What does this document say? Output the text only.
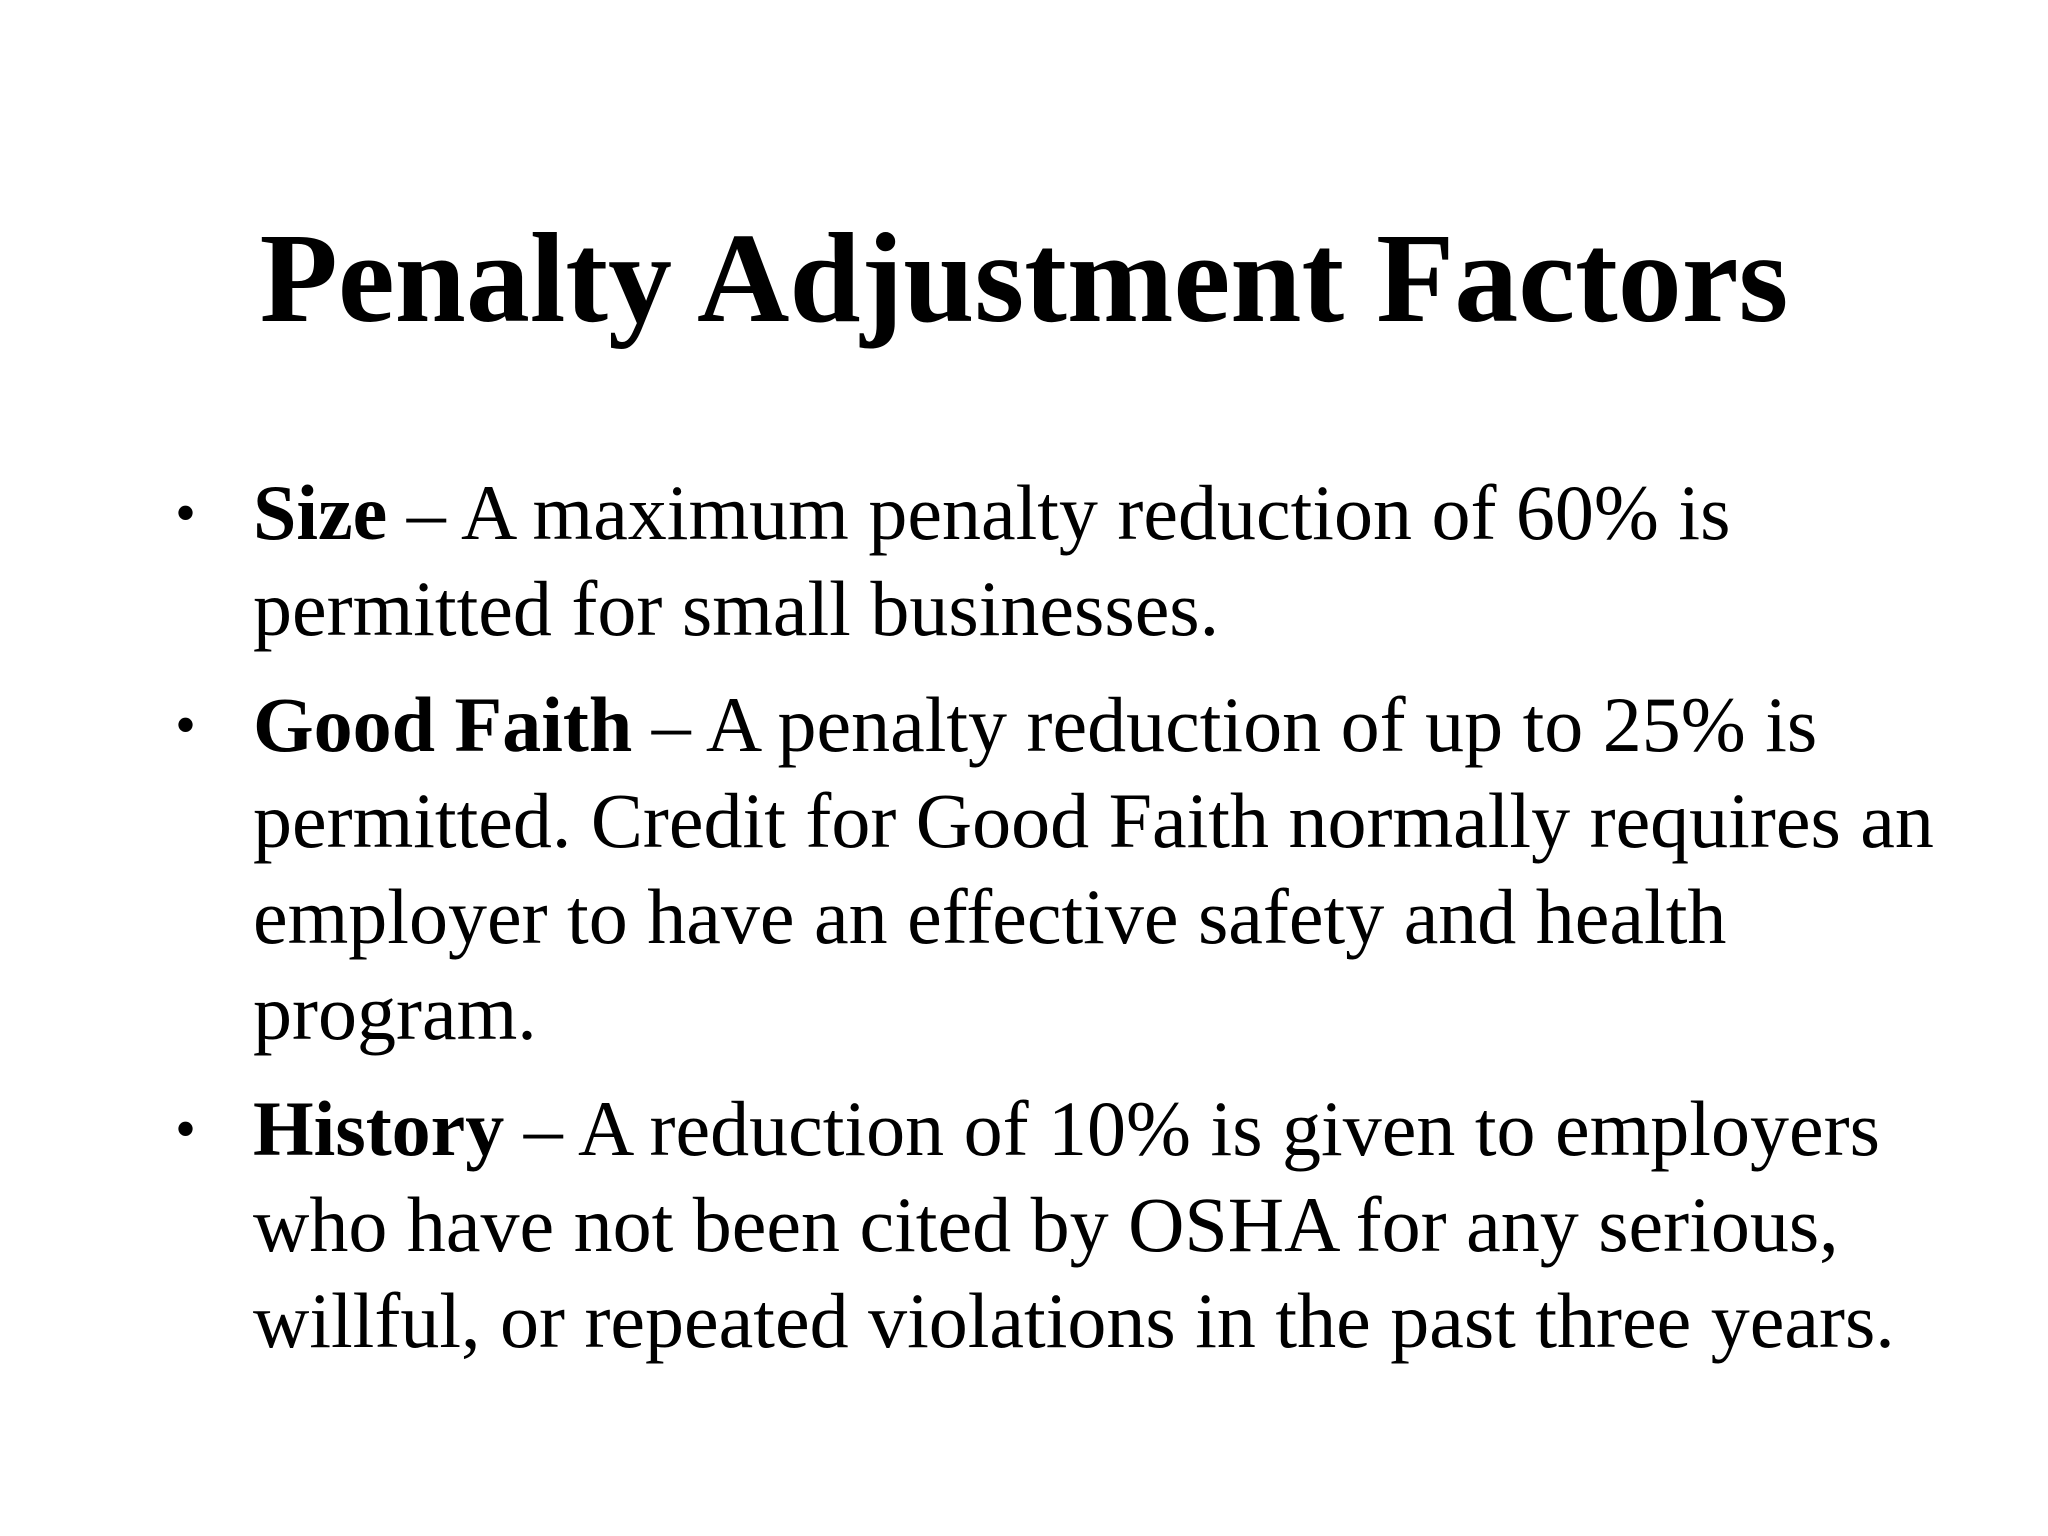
Penalty Adjustment Factors
• Size – A maximum penalty reduction of 60% is permitted for small businesses.
• Good Faith – A penalty reduction of up to 25% is permitted. Credit for Good Faith normally requires an employer to have an effective safety and health program.
• History – A reduction of 10% is given to employers who have not been cited by OSHA for any serious, willful, or repeated violations in the past three years.
